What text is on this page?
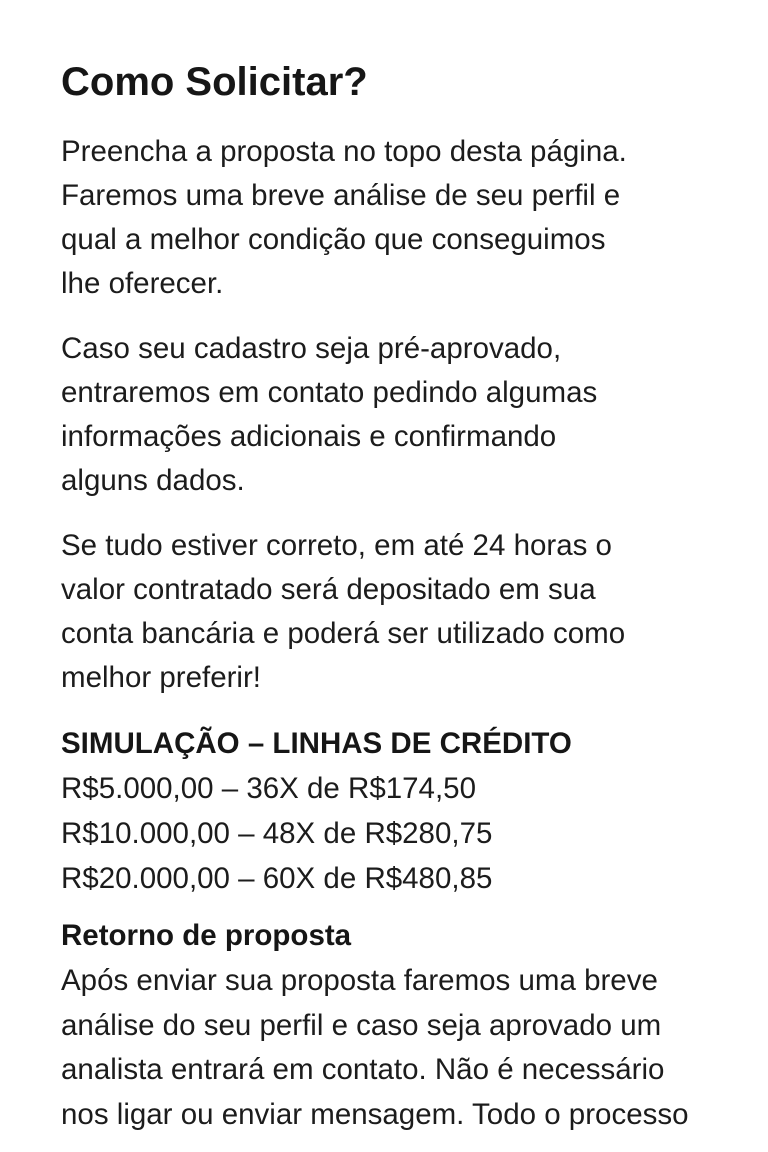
Como Solicitar?

Preencha a proposta no topo desta página.
Faremos uma breve análise de seu perfil e
qual a melhor condição que conseguimos
lhe oferecer.

Caso seu cadastro seja pré-aprovado,
entraremos em contato pedindo algumas
informações adicionais e confirmando
alguns dados.

Se tudo estiver correto, em até 24 horas o
valor contratado será depositado em sua
conta bancária e poderá ser utilizado como
melhor preferir!

SIMULAÇÃO – LINHAS DE CRÉDITO
R$5.000,00 – 36X de R$174,50
R$10.000,00 – 48X de R$280,75
R$20.000,00 – 60X de R$480,85
Retorno de proposta
Após enviar sua proposta faremos uma breve
análise do seu perfil e caso seja aprovado um
analista entrará em contato. Não é necessário
nos ligar ou enviar mensagem. Todo o processo
